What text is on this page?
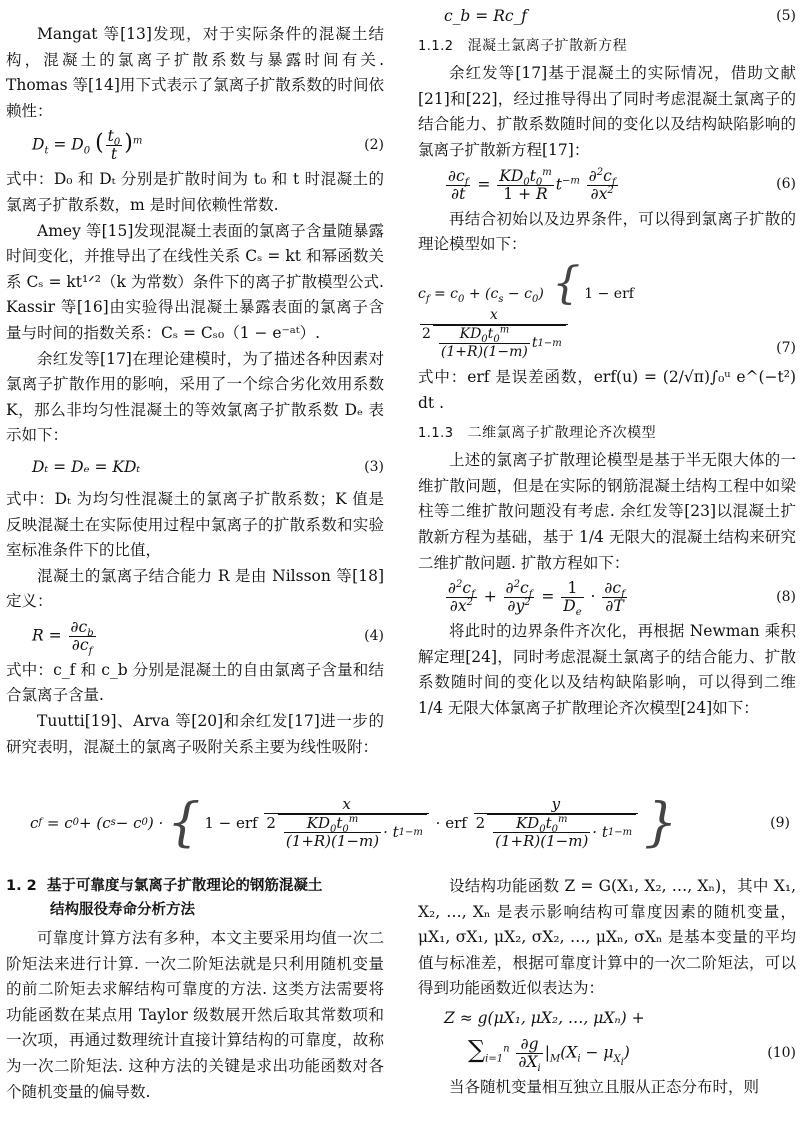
Mangat 等[13]发现，对于实际条件的混凝土结构，混凝土的氯离子扩散系数与暴露时间有关. Thomas 等[14]用下式表示了氯离子扩散系数的时间依赖性：

$D_t = D_0$ ( $\frac{t_0}{t} )^m$	(2)

式中：D₀ 和 Dₜ 分别是扩散时间为 t₀ 和 t 时混凝土的氯离子扩散系数，m 是时间依赖性常数.

Amey 等[15]发现混凝土表面的氯离子含量随暴露时间变化，并推导出了在线性关系 Cₛ = kt 和幂函数关系 Cₛ = kt¹ᐟ²（k 为常数）条件下的离子扩散模型公式. Kassir 等[16]由实验得出混凝土暴露表面的氯离子含量与时间的指数关系：Cₛ = Cₛ₀（1 − e⁻ᵃᵗ）.

余红发等[17]在理论建模时，为了描述各种因素对氯离子扩散作用的影响，采用了一个综合劣化效用系数 K，那么非均匀性混凝土的等效氯离子扩散系数 Dₑ 表示如下：

Dₜ = Dₑ = KDₜ	(3)

式中：Dₜ 为均匀性混凝土的氯离子扩散系数；K 值是反映混凝土在实际使用过程中氯离子的扩散系数和实验室标准条件下的比值，

混凝土的氯离子结合能力 R 是由 Nilsson 等[18]定义：

$R = \frac{\partial c_b}{\partial c_f}$	(4)

式中：c_f 和 c_b 分别是混凝土的自由氯离子含量和结合氯离子含量.

Tuutti[19]、Arva 等[20]和余红发[17]进一步的研究表明，混凝土的氯离子吸附关系主要为线性吸附：

c_b = Rc_f	(5)
1.1.2 混凝土氯离子扩散新方程

余红发等[17]基于混凝土的实际情况，借助文献[21]和[22]，经过推导得出了同时考虑混凝土氯离子的结合能力、扩散系数随时间的变化以及结构缺陷影响的氯离子扩散新方程[17]：

$\frac{\partial c_f}{\partial t} = \frac{KD_0t_0^m}{1 + R} t^{-m} \frac{\partial^2c_f}{\partial x^2}$	(6)

再结合初始以及边界条件，可以得到氯离子扩散的理论模型如下：

$c_f = c_0 + (c_s - c_0)$ { 1 − erf
$\frac{x}{2 \frac{KD_0t_0^m}{(1+R)(1-m)} t 1-m}$	(7)

式中：erf 是误差函数，erf(u) = (2/√π)∫₀ᵘ e^(−t²) dt .

1.1.3 二维氯离子扩散理论齐次模型

上述的氯离子扩散理论模型是基于半无限大体的一维扩散问题，但是在实际的钢筋混凝土结构工程中如梁柱等二维扩散问题没有考虑. 余红发等[23]以混凝土扩散新方程为基础，基于 1/4 无限大的混凝土结构来研究二维扩散问题. 扩散方程如下：

$\frac{\partial^2c_f}{\partial x^2} + \frac{\partial^2c_f}{\partial y^2} = \frac{1}{D_e} \cdot \frac{\partial c_f}{\partial T}$	(8)

将此时的边界条件齐次化，再根据 Newman 乘积解定理[24]，同时考虑混凝土氯离子的结合能力、扩散系数随时间的变化以及结构缺陷影响，可以得到二维 1/4 无限大体氯离子扩散理论齐次模型[24]如下：

c f = c 0 + (c s − c 0 ) · { 1 − erf
$\frac{x}{2 \frac{KD_0t_0^m}{(1+R)(1-m)} \cdot t 1-m}$ · erf
$\frac{y}{2 \frac{KD_0t_0^m}{(1+R)(1-m)} \cdot t 1-m}$ }	(9)
1. 2 基于可靠度与氯离子扩散理论的钢筋混凝土
结构服役寿命分析方法

可靠度计算方法有多种，本文主要采用均值一次二阶矩法来进行计算. 一次二阶矩法就是只利用随机变量的前二阶矩去求解结构可靠度的方法. 这类方法需要将功能函数在某点用 Taylor 级数展开然后取其常数项和一次项，再通过数理统计直接计算结构的可靠度，故称为一次二阶矩法. 这种方法的关键是求出功能函数对各个随机变量的偏导数.

设结构功能函数 Z = G(X₁, X₂, …, Xₙ)，其中 X₁, X₂, …, Xₙ 是表示影响结构可靠度因素的随机变量，μX₁, σX₁, μX₂, σX₂, …, μXₙ, σXₙ 是基本变量的平均值与标准差，根据可靠度计算中的一次二阶矩法，可以得到功能函数近似表达为：

Z ≈ g(μX₁, μX₂, …, μXₙ) +
$\sum_{i=1}^n \frac{\partial g}{\partial X_i} |_M(X_i - \mu_{X_i})$	(10)

当各随机变量相互独立且服从正态分布时，则
